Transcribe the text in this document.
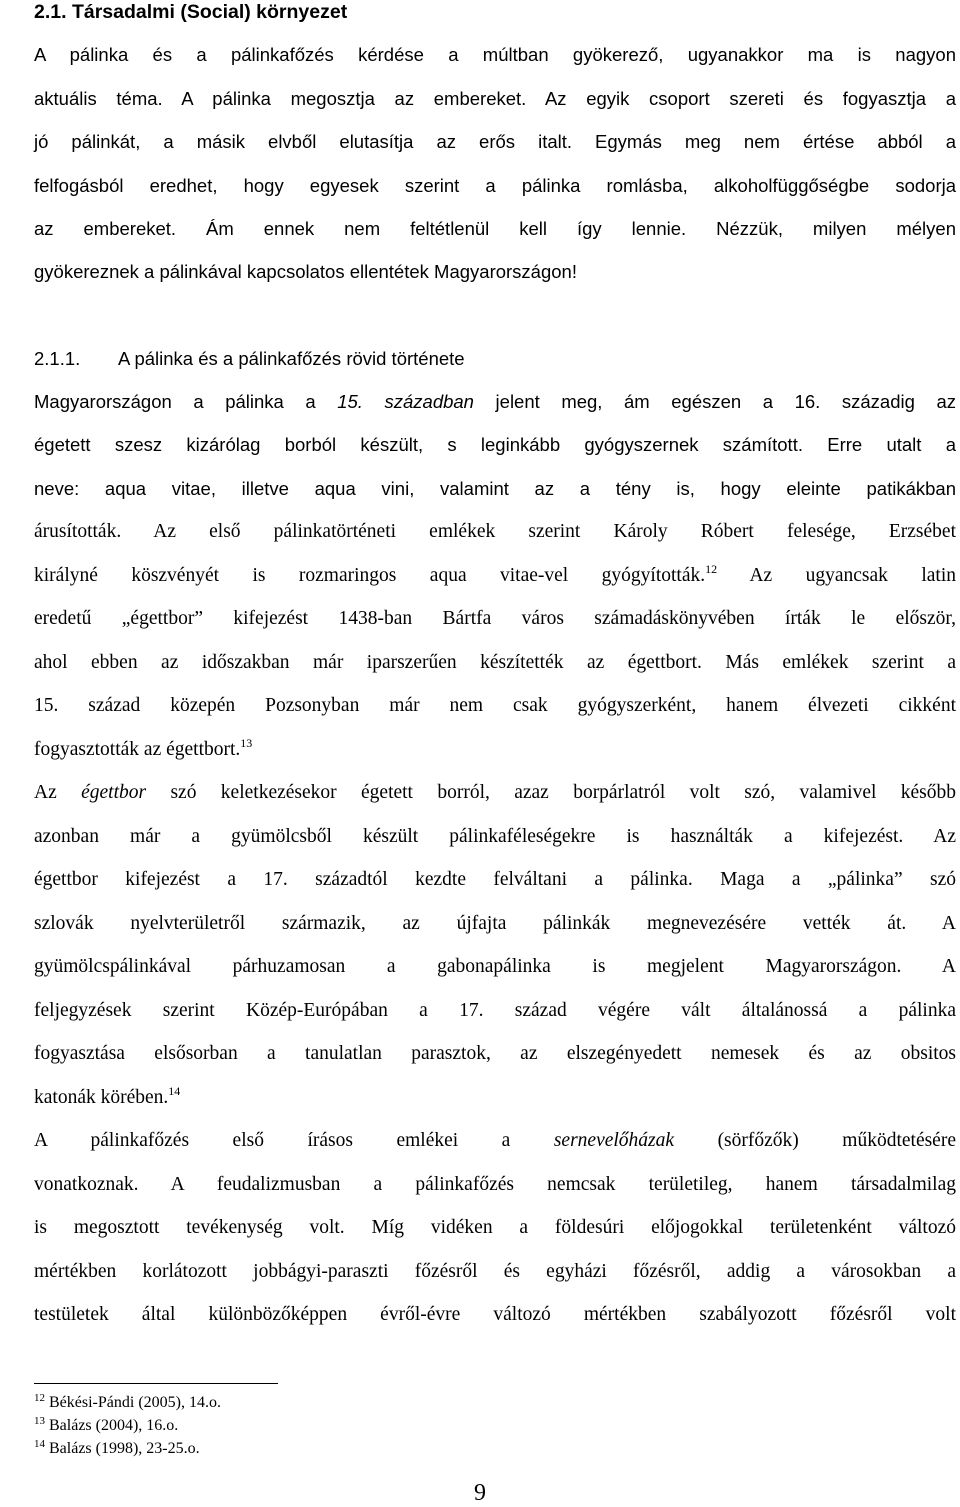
2.1. Társadalmi (Social) környezet
A pálinka és a pálinkafőzés kérdése a múltban gyökerező, ugyanakkor ma is nagyon
aktuális téma. A pálinka megosztja az embereket. Az egyik csoport szereti és fogyasztja a
jó pálinkát, a másik elvből elutasítja az erős italt. Egymás meg nem értése abból a
felfogásból eredhet, hogy egyesek szerint a pálinka romlásba, alkoholfüggőségbe sodorja
az embereket. Ám ennek nem feltétlenül kell így lennie. Nézzük, milyen mélyen
gyökereznek a pálinkával kapcsolatos ellentétek Magyarországon!
2.1.1. A pálinka és a pálinkafőzés rövid története
Magyarországon a pálinka a 15. században jelent meg, ám egészen a 16. századig az
égetett szesz kizárólag borból készült, s leginkább gyógyszernek számított. Erre utalt a
neve: aqua vitae, illetve aqua vini, valamint az a tény is, hogy eleinte patikákban
árusították. Az első pálinkatörténeti emlékek szerint Károly Róbert felesége, Erzsébet
királyné köszvényét is rozmaringos aqua vitae-vel gyógyították.$^{12}$ Az ugyancsak latin
eredetű „égettbor” kifejezést 1438-ban Bártfa város számadáskönyvében írták le először,
ahol ebben az időszakban már iparszerűen készítették az égettbort. Más emlékek szerint a
15. század közepén Pozsonyban már nem csak gyógyszerként, hanem élvezeti cikként
fogyasztották az égettbort.$^{13}$
Az égettbor szó keletkezésekor égetett borról, azaz borpárlatról volt szó, valamivel később
azonban már a gyümölcsből készült pálinkaféleségekre is használták a kifejezést. Az
égettbor kifejezést a 17. századtól kezdte felváltani a pálinka. Maga a „pálinka” szó
szlovák nyelvterületről származik, az újfajta pálinkák megnevezésére vették át. A
gyümölcspálinkával párhuzamosan a gabonapálinka is megjelent Magyarországon. A
feljegyzések szerint Közép-Európában a 17. század végére vált általánossá a pálinka
fogyasztása elsősorban a tanulatlan parasztok, az elszegényedett nemesek és az obsitos
katonák körében.$^{14}$
A pálinkafőzés első írásos emlékei a sernevelőházak (sörfőzők) működtetésére
vonatkoznak. A feudalizmusban a pálinkafőzés nemcsak területileg, hanem társadalmilag
is megosztott tevékenység volt. Míg vidéken a földesúri előjogokkal területenként változó
mértékben korlátozott jobbágyi-paraszti főzésről és egyházi főzésről, addig a városokban a
testületek által különbözőképpen évről-évre változó mértékben szabályozott főzésről volt
$^{12}$ Békési-Pándi (2005), 14.o.
$^{13}$ Balázs (2004), 16.o.
$^{14}$ Balázs (1998), 23-25.o.
9
